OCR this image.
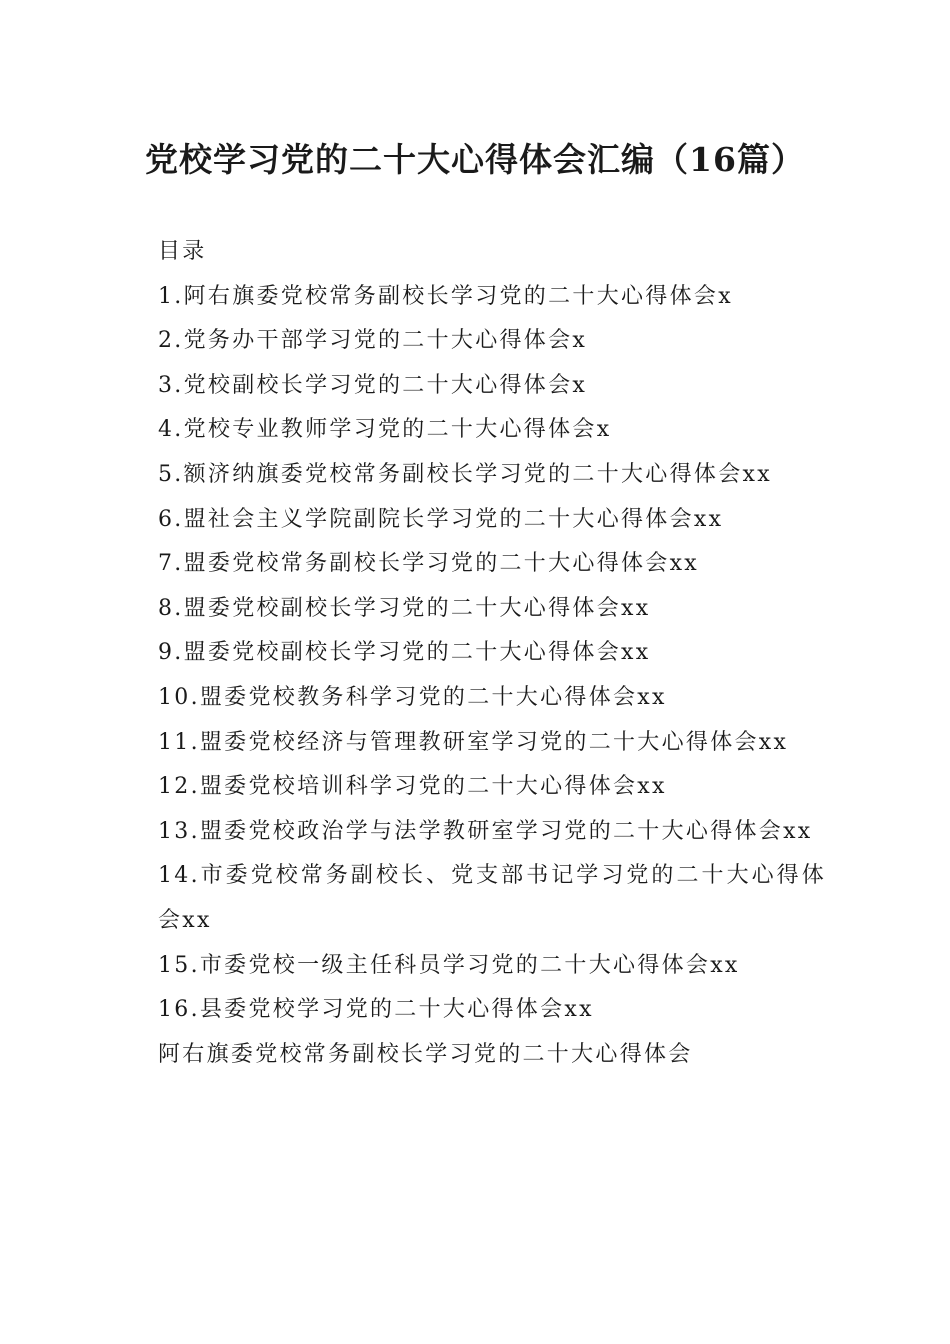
党校学习党的二十大心得体会汇编（16篇）
目录
1.阿右旗委党校常务副校长学习党的二十大心得体会x
2.党务办干部学习党的二十大心得体会x
3.党校副校长学习党的二十大心得体会x
4.党校专业教师学习党的二十大心得体会x
5.额济纳旗委党校常务副校长学习党的二十大心得体会xx
6.盟社会主义学院副院长学习党的二十大心得体会xx
7.盟委党校常务副校长学习党的二十大心得体会xx
8.盟委党校副校长学习党的二十大心得体会xx
9.盟委党校副校长学习党的二十大心得体会xx
10.盟委党校教务科学习党的二十大心得体会xx
11.盟委党校经济与管理教研室学习党的二十大心得体会xx
12.盟委党校培训科学习党的二十大心得体会xx
13.盟委党校政治学与法学教研室学习党的二十大心得体会xx
14.市委党校常务副校长、党支部书记学习党的二十大心得体会xx
15.市委党校一级主任科员学习党的二十大心得体会xx
16.县委党校学习党的二十大心得体会xx
阿右旗委党校常务副校长学习党的二十大心得体会
